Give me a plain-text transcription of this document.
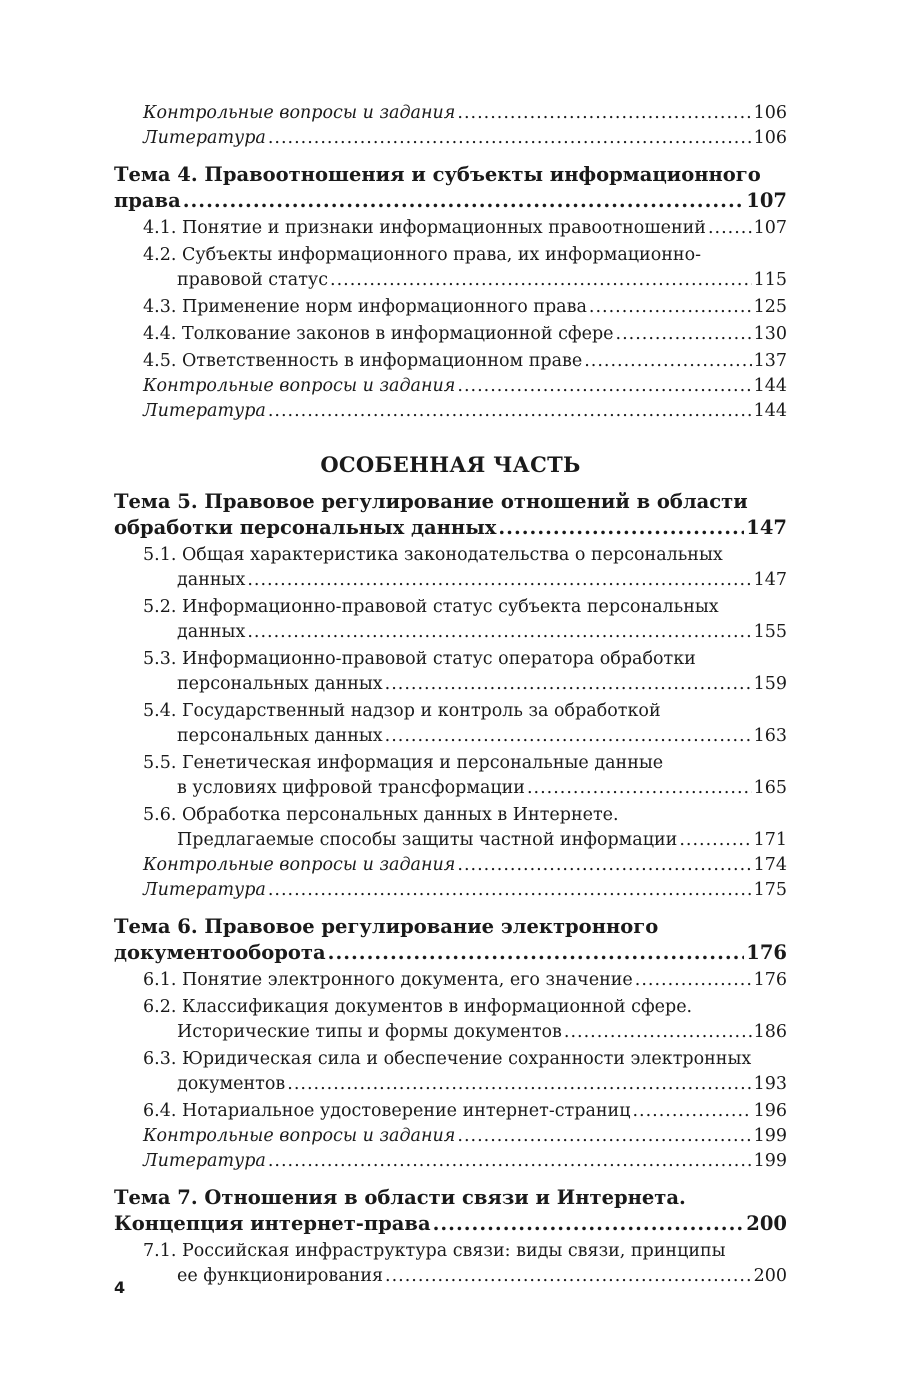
Контрольные вопросы и задания .....	106
Литература .....	106
Тема 4. Правоотношения и субъекты информационного
права .....	107
4.1. Понятие и признаки информационных правоотношений .....	107
4.2. Субъекты информационного права, их информационно-
правовой статус .....	115
4.3. Применение норм информационного права .....	125
4.4. Толкование законов в информационной сфере .....	130
4.5. Ответственность в информационном праве .....	137
Контрольные вопросы и задания .....	144
Литература .....	144
ОСОБЕННАЯ ЧАСТЬ
Тема 5. Правовое регулирование отношений в области
обработки персональных данных .....	147
5.1. Общая характеристика законодательства о персональных
данных .....	147
5.2. Информационно-правовой статус субъекта персональных
данных .....	155
5.3. Информационно-правовой статус оператора обработки
персональных данных .....	159
5.4. Государственный надзор и контроль за обработкой
персональных данных .....	163
5.5. Генетическая информация и персональные данные
в условиях цифровой трансформации .....	165
5.6. Обработка персональных данных в Интернете.
Предлагаемые способы защиты частной информации .....	171
Контрольные вопросы и задания .....	174
Литература .....	175
Тема 6. Правовое регулирование электронного
документооборота .....	176
6.1. Понятие электронного документа, его значение .....	176
6.2. Классификация документов в информационной сфере.
Исторические типы и формы документов .....	186
6.3. Юридическая сила и обеспечение сохранности электронных
документов .....	193
6.4. Нотариальное удостоверение интернет-страниц .....	196
Контрольные вопросы и задания .....	199
Литература .....	199
Тема 7. Отношения в области связи и Интернета.
Концепция интернет-права .....	200
7.1. Российская инфраструктура связи: виды связи, принципы
ее функционирования .....	200
4
